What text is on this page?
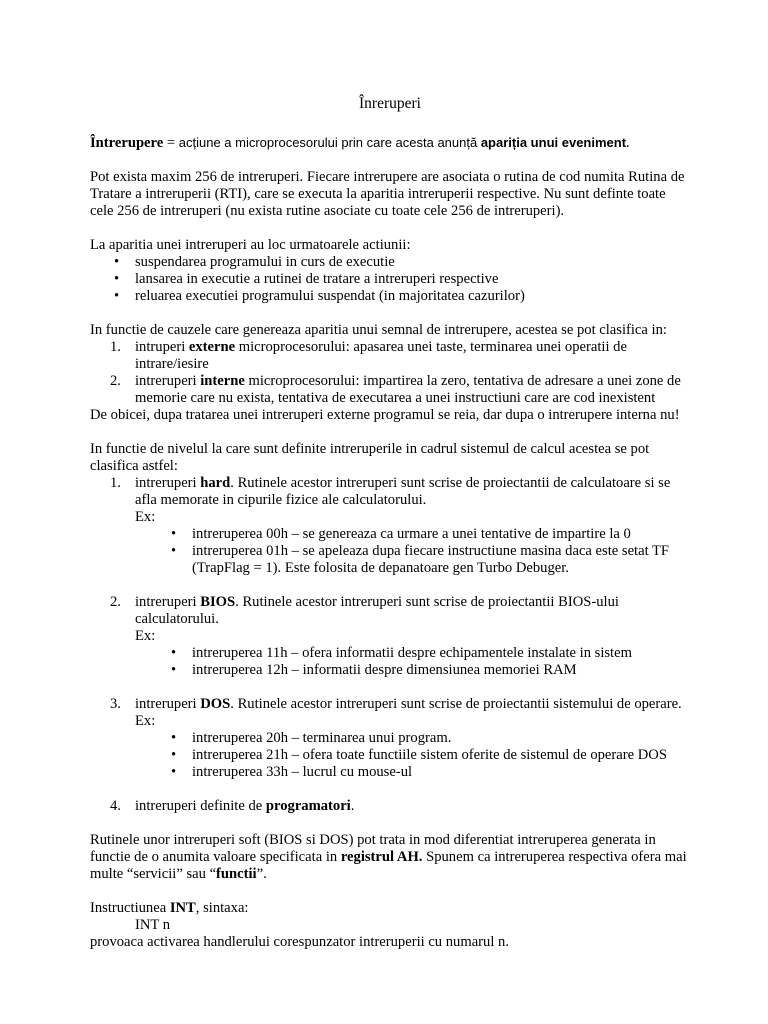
Înreruperi

Întrerupere = acțiune a microprocesorului prin care acesta anunță apariția unui eveniment.

Pot exista maxim 256 de intreruperi. Fiecare intrerupere are asociata o rutina de cod numita Rutina de Tratare a intreruperii (RTI), care se executa la aparitia intreruperii respective. Nu sunt definte toate cele 256 de intreruperi (nu exista rutine asociate cu toate cele 256 de intreruperi).

La aparitia unei intreruperi au loc urmatoarele actiunii:

• suspendarea programului in curs de executie
• lansarea in executie a rutinei de tratare a intreruperi respective
• reluarea executiei programului suspendat (in majoritatea cazurilor)

In functie de cauzele care genereaza aparitia unui semnal de intrerupere, acestea se pot clasifica in:

1. intruperi externe microprocesorului: apasarea unei taste, terminarea unei operatii de intrare/iesire
2. intreruperi interne microprocesorului: impartirea la zero, tentativa de adresare a unei zone de memorie care nu exista, tentativa de executarea a unei instructiuni care are cod inexistent

De obicei, dupa tratarea unei intreruperi externe programul se reia, dar dupa o intrerupere interna nu!

In functie de nivelul la care sunt definite intreruperile in cadrul sistemul de calcul acestea se pot clasifica astfel:

1. intreruperi hard. Rutinele acestor intreruperi sunt scrise de proiectantii de calculatoare si se afla memorate in cipurile fizice ale calculatorului.
Ex:
• intreruperea 00h – se genereaza ca urmare a unei tentative de impartire la 0
• intreruperea 01h – se apeleaza dupa fiecare instructiune masina daca este setat TF (TrapFlag = 1). Este folosita de depanatoare gen Turbo Debuger.
2. intreruperi BIOS. Rutinele acestor intreruperi sunt scrise de proiectantii BIOS-ului calculatorului.
Ex:
• intreruperea 11h – ofera informatii despre echipamentele instalate in sistem
• intreruperea 12h – informatii despre dimensiunea memoriei RAM
3. intreruperi DOS. Rutinele acestor intreruperi sunt scrise de proiectantii sistemului de operare.
Ex:
• intreruperea 20h – terminarea unui program.
• intreruperea 21h – ofera toate functiile sistem oferite de sistemul de operare DOS
• intreruperea 33h – lucrul cu mouse-ul
4. intreruperi definite de programatori.

Rutinele unor intreruperi soft (BIOS si DOS) pot trata in mod diferentiat intreruperea generata in functie de o anumita valoare specificata in registrul AH. Spunem ca intreruperea respectiva ofera mai multe “servicii” sau “functii”.

Instructiunea INT, sintaxa:

INT n

provoaca activarea handlerului corespunzator intreruperii cu numarul n.
